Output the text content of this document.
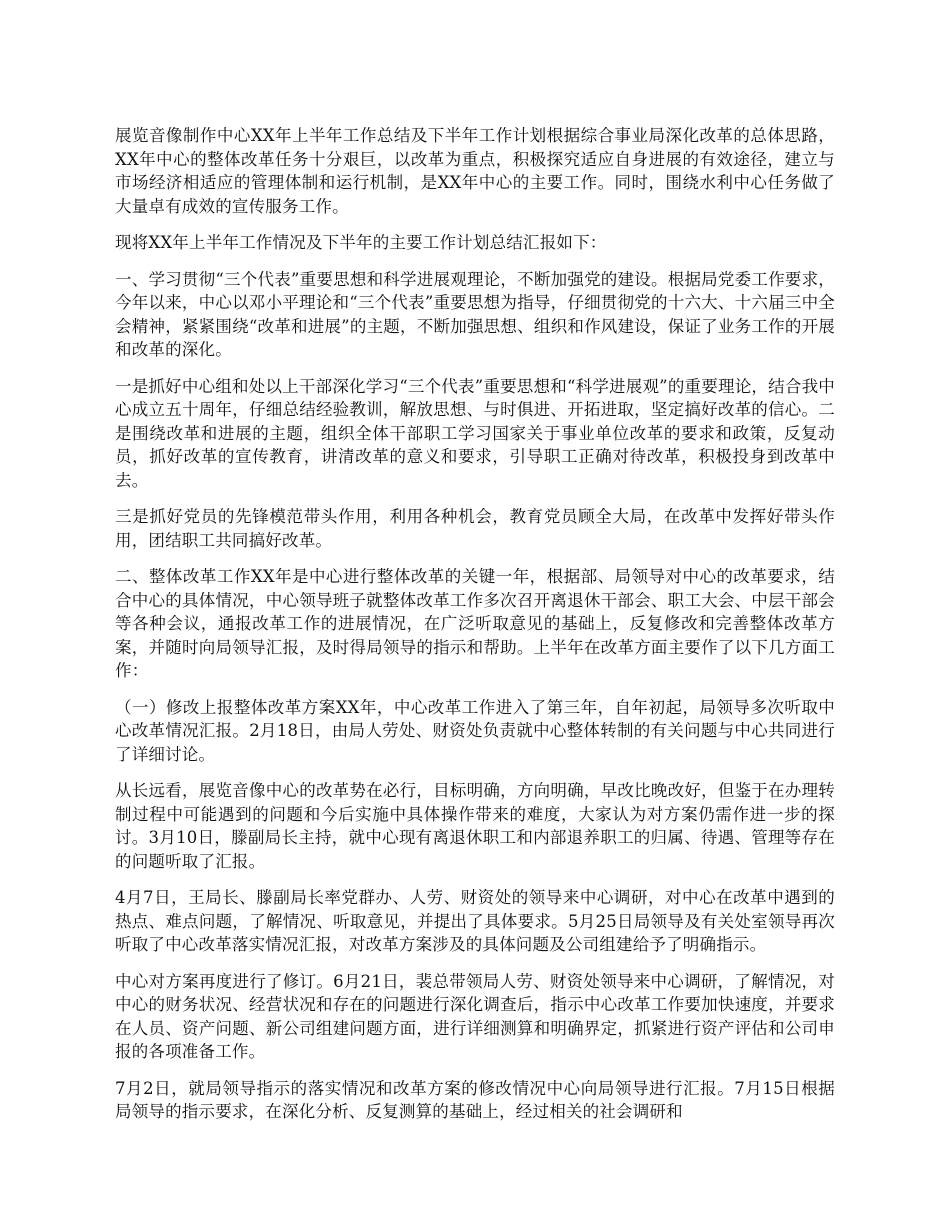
展览音像制作中心XX年上半年工作总结及下半年工作计划根据综合事业局深化改革的总体思路，XX年中心的整体改革任务十分艰巨，以改革为重点，积极探究适应自身进展的有效途径，建立与市场经济相适应的管理体制和运行机制，是XX年中心的主要工作。同时，围绕水利中心任务做了大量卓有成效的宣传服务工作。

现将XX年上半年工作情况及下半年的主要工作计划总结汇报如下：

一、学习贯彻“三个代表”重要思想和科学进展观理论，不断加强党的建设。根据局党委工作要求，今年以来，中心以邓小平理论和“三个代表”重要思想为指导，仔细贯彻党的十六大、十六届三中全会精神，紧紧围绕“改革和进展”的主题，不断加强思想、组织和作风建设，保证了业务工作的开展和改革的深化。

一是抓好中心组和处以上干部深化学习“三个代表”重要思想和“科学进展观”的重要理论，结合我中心成立五十周年，仔细总结经验教训，解放思想、与时俱进、开拓进取，坚定搞好改革的信心。二是围绕改革和进展的主题，组织全体干部职工学习国家关于事业单位改革的要求和政策，反复动员，抓好改革的宣传教育，讲清改革的意义和要求，引导职工正确对待改革，积极投身到改革中去。

三是抓好党员的先锋模范带头作用，利用各种机会，教育党员顾全大局，在改革中发挥好带头作用，团结职工共同搞好改革。

二、整体改革工作XX年是中心进行整体改革的关键一年，根据部、局领导对中心的改革要求，结合中心的具体情况，中心领导班子就整体改革工作多次召开离退休干部会、职工大会、中层干部会等各种会议，通报改革工作的进展情况，在广泛听取意见的基础上，反复修改和完善整体改革方案，并随时向局领导汇报，及时得局领导的指示和帮助。上半年在改革方面主要作了以下几方面工作：

（一）修改上报整体改革方案XX年，中心改革工作进入了第三年，自年初起，局领导多次听取中心改革情况汇报。2月18日，由局人劳处、财资处负责就中心整体转制的有关问题与中心共同进行了详细讨论。

从长远看，展览音像中心的改革势在必行，目标明确，方向明确，早改比晚改好，但鉴于在办理转制过程中可能遇到的问题和今后实施中具体操作带来的难度，大家认为对方案仍需作进一步的探讨。3月10日，滕副局长主持，就中心现有离退休职工和内部退养职工的归属、待遇、管理等存在的问题听取了汇报。

4月7日，王局长、滕副局长率党群办、人劳、财资处的领导来中心调研，对中心在改革中遇到的热点、难点问题，了解情况、听取意见，并提出了具体要求。5月25日局领导及有关处室领导再次听取了中心改革落实情况汇报，对改革方案涉及的具体问题及公司组建给予了明确指示。

中心对方案再度进行了修订。6月21日，裴总带领局人劳、财资处领导来中心调研，了解情况，对中心的财务状况、经营状况和存在的问题进行深化调查后，指示中心改革工作要加快速度，并要求在人员、资产问题、新公司组建问题方面，进行详细测算和明确界定，抓紧进行资产评估和公司申报的各项准备工作。

7月2日，就局领导指示的落实情况和改革方案的修改情况中心向局领导进行汇报。7月15日根据局领导的指示要求，在深化分析、反复测算的基础上，经过相关的社会调研和
